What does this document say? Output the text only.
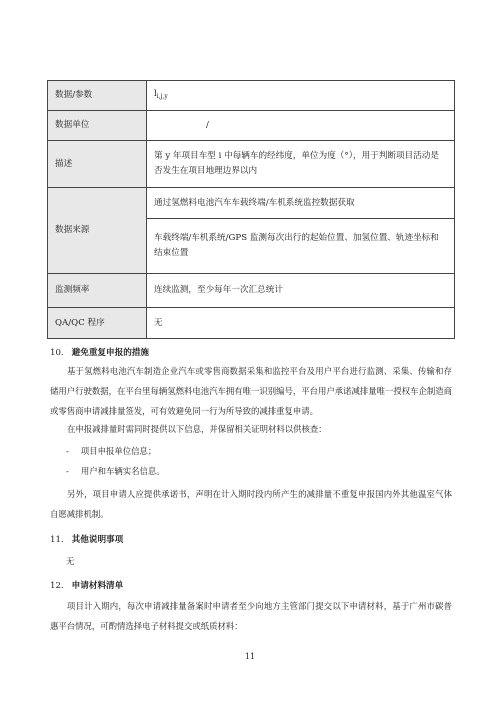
数据/参数	$l_{i,j,y}$
数据单位	/

描述	第 y 年项目车型 i 中每辆车的经纬度，单位为度（°），用于判断项目活动是否发生在项目地理边界以内
数据来源	通过氢燃料电池汽车车载终端/车机系统监控数据获取
	车载终端/车机系统/GPS 监测每次出行的起始位置、加氢位置、轨迹坐标和结束位置
监测频率	连续监测，至少每年一次汇总统计
QA/QC 程序	无
10. 避免重复申报的措施

基于氢燃料电池汽车制造企业汽车或零售商数据采集和监控平台及用户平台进行监测、采集、传输和存储用户行驶数据，在平台里每辆氢燃料电池汽车拥有唯一识别编号，平台用户承诺减排量唯一授权车企制造商或零售商申请减排量签发，可有效避免同一行为所导致的减排重复申请。

在申报减排量时需同时提供以下信息，并保留相关证明材料以供核查：

- 项目申报单位信息；
- 用户和车辆实名信息。

另外，项目申请人应提供承诺书，声明在计入期时段内所产生的减排量不重复申报国内外其他温室气体自愿减排机制。

11. 其他说明事项
无
12. 申请材料清单

项目计入期内，每次申请减排量备案时申请者至少向地方主管部门提交以下申请材料，基于广州市碳普惠平台情况，可酌情选择电子材料提交或纸质材料：

11
